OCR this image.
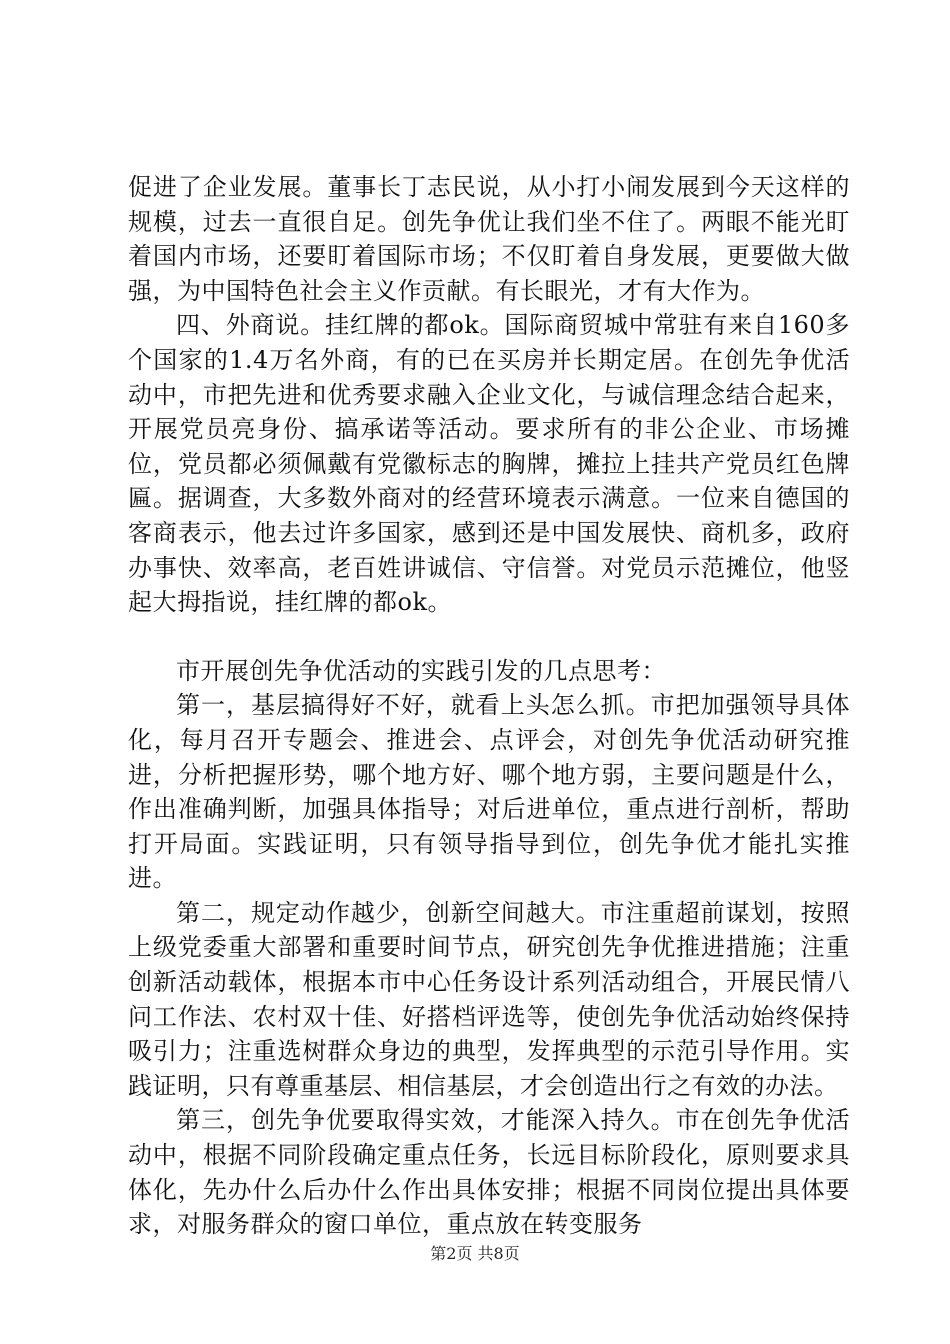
促进了企业发展。董事长丁志民说，从小打小闹发展到今天这样的规模，过去一直很自足。创先争优让我们坐不住了。两眼不能光盯着国内市场，还要盯着国际市场；不仅盯着自身发展，更要做大做强，为中国特色社会主义作贡献。有长眼光，才有大作为。

四、外商说。挂红牌的都ok。国际商贸城中常驻有来自160多个国家的1.4万名外商，有的已在买房并长期定居。在创先争优活动中，市把先进和优秀要求融入企业文化，与诚信理念结合起来，开展党员亮身份、搞承诺等活动。要求所有的非公企业、市场摊位，党员都必须佩戴有党徽标志的胸牌，摊拉上挂共产党员红色牌匾。据调查，大多数外商对的经营环境表示满意。一位来自德国的客商表示，他去过许多国家，感到还是中国发展快、商机多，政府办事快、效率高，老百姓讲诚信、守信誉。对党员示范摊位，他竖起大拇指说，挂红牌的都ok。

市开展创先争优活动的实践引发的几点思考：

第一，基层搞得好不好，就看上头怎么抓。市把加强领导具体化，每月召开专题会、推进会、点评会，对创先争优活动研究推进，分析把握形势，哪个地方好、哪个地方弱，主要问题是什么，作出准确判断，加强具体指导；对后进单位，重点进行剖析，帮助打开局面。实践证明，只有领导指导到位，创先争优才能扎实推进。

第二，规定动作越少，创新空间越大。市注重超前谋划，按照上级党委重大部署和重要时间节点，研究创先争优推进措施；注重创新活动载体，根据本市中心任务设计系列活动组合，开展民情八问工作法、农村双十佳、好搭档评选等，使创先争优活动始终保持吸引力；注重选树群众身边的典型，发挥典型的示范引导作用。实践证明，只有尊重基层、相信基层，才会创造出行之有效的办法。

第三，创先争优要取得实效，才能深入持久。市在创先争优活动中，根据不同阶段确定重点任务，长远目标阶段化，原则要求具体化，先办什么后办什么作出具体安排；根据不同岗位提出具体要求，对服务群众的窗口单位，重点放在转变服务

第2页 共8页
